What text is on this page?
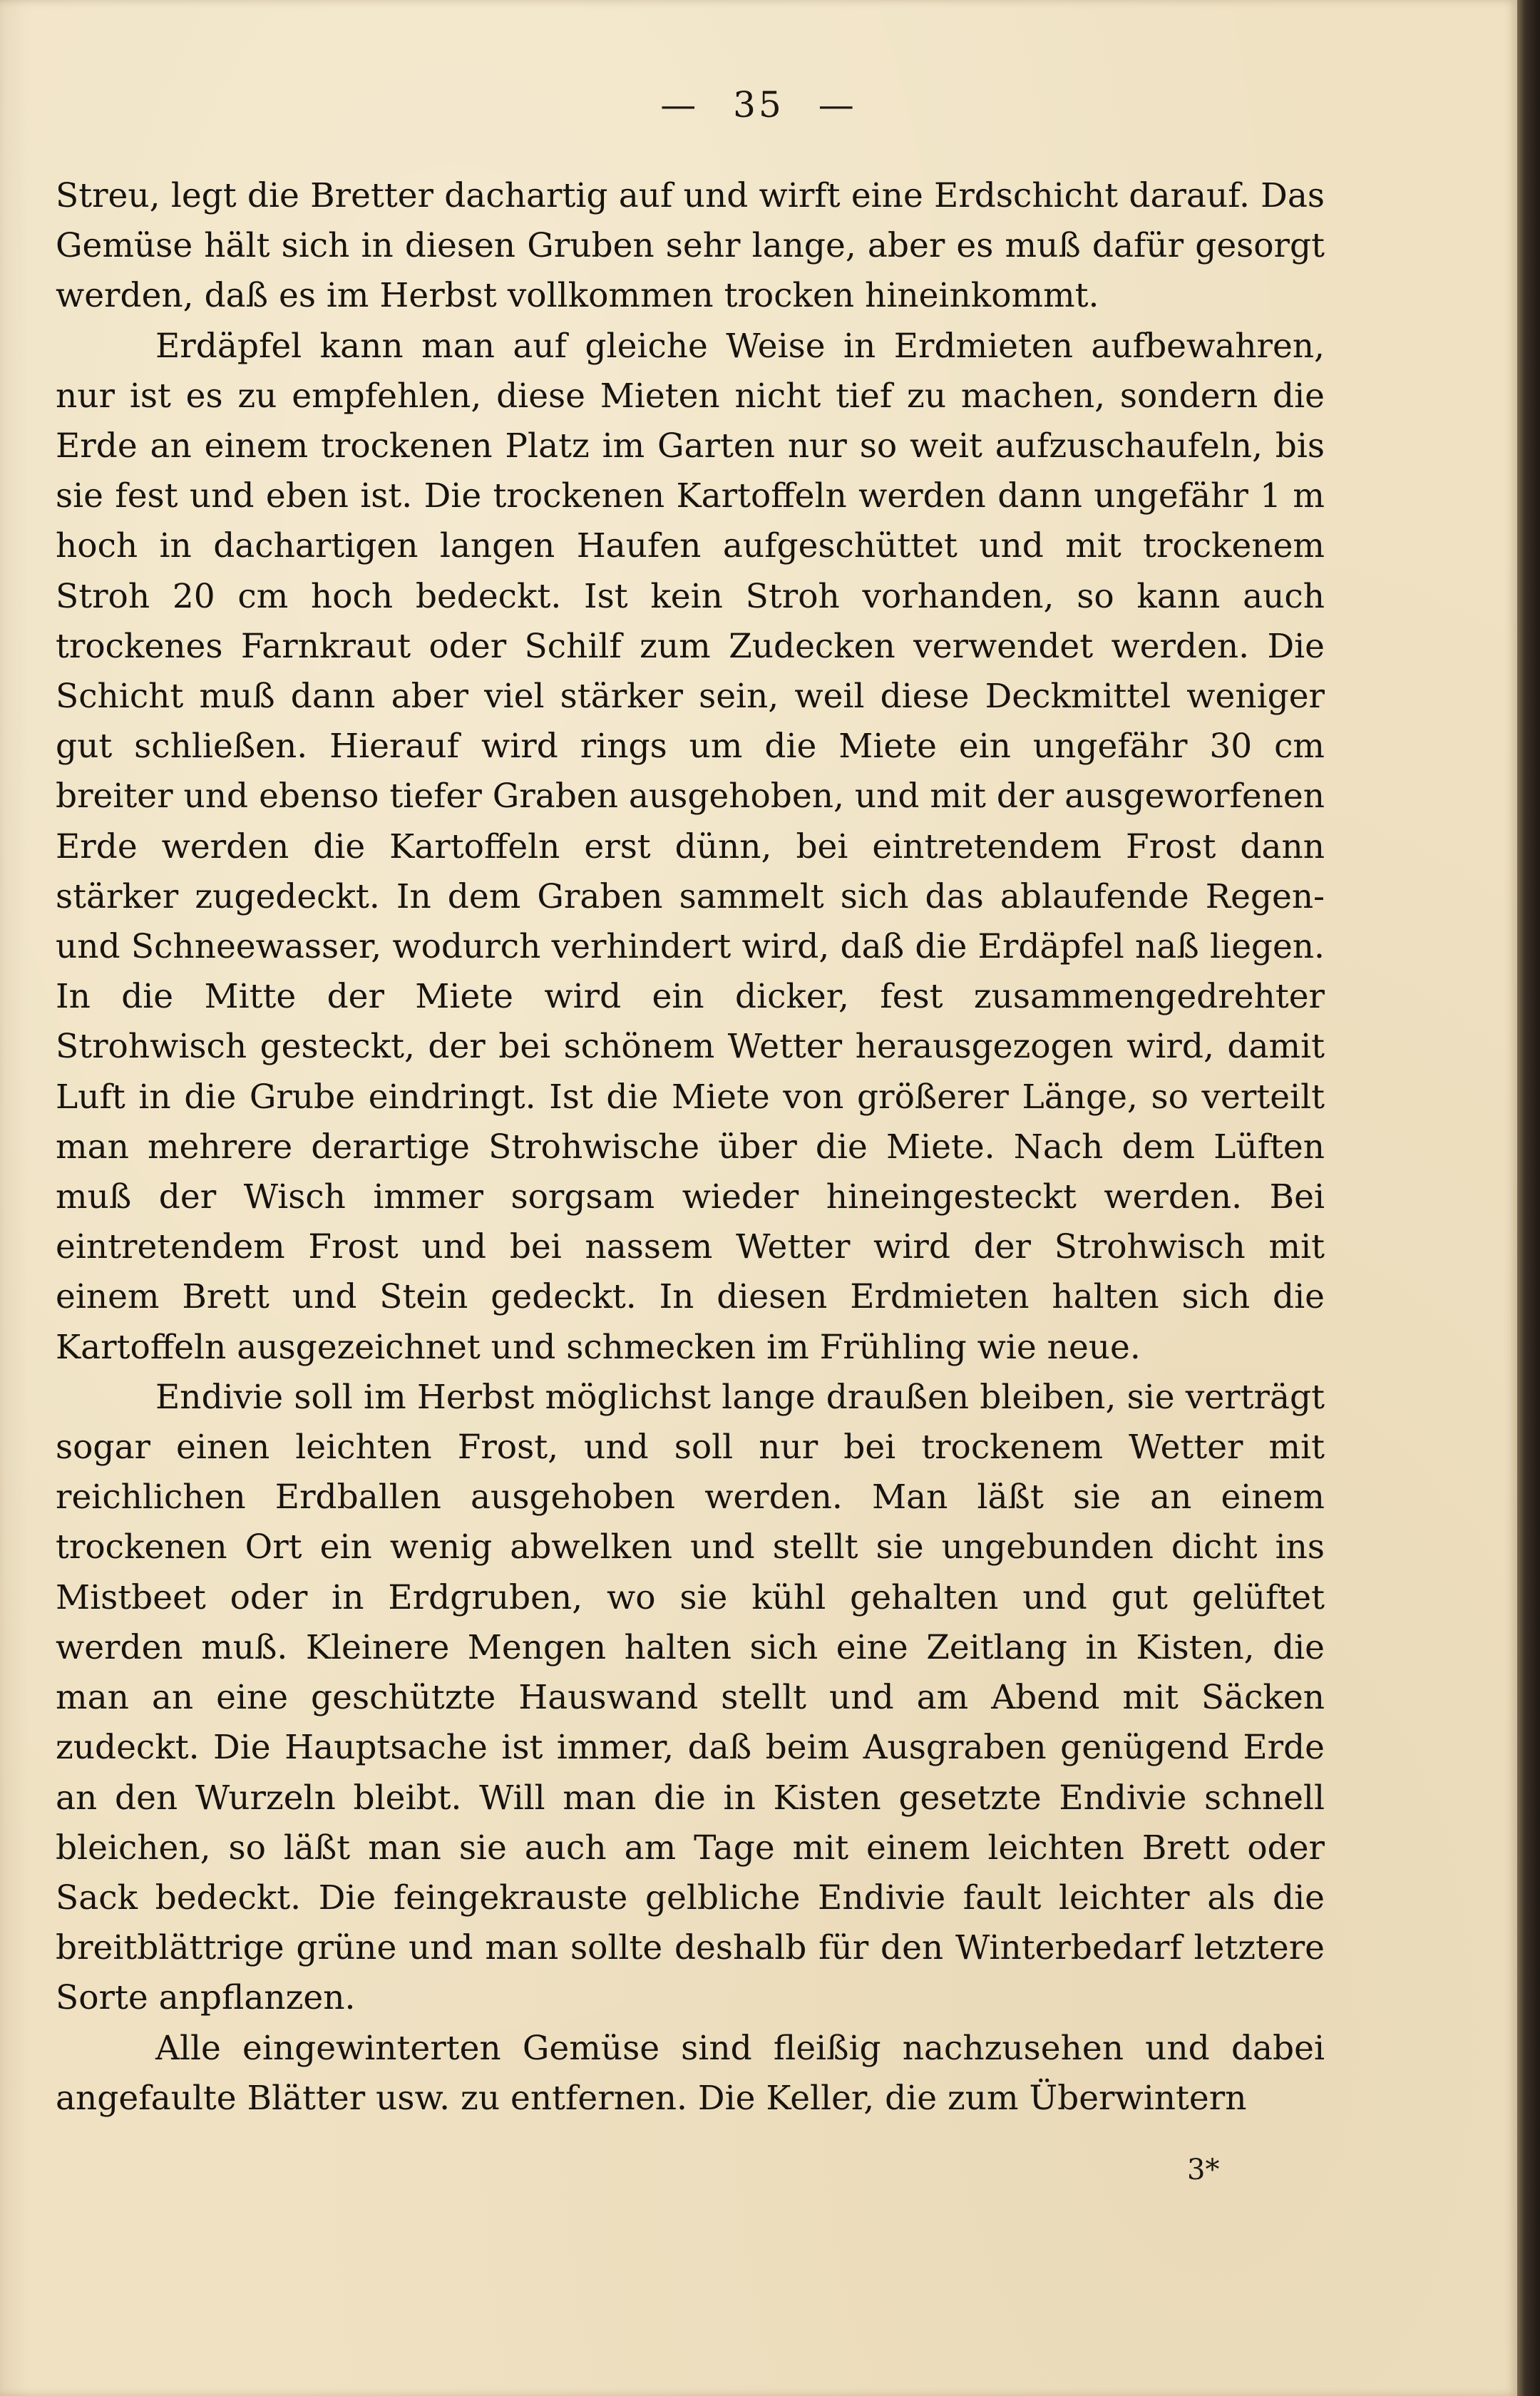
— 35 —

Streu, legt die Bretter dachartig auf und wirft eine Erdschicht darauf. Das Gemüse hält sich in diesen Gruben sehr lange, aber es muß dafür gesorgt werden, daß es im Herbst vollkommen trocken hineinkommt.

Erdäpfel kann man auf gleiche Weise in Erdmieten aufbewahren, nur ist es zu empfehlen, diese Mieten nicht tief zu machen, sondern die Erde an einem trockenen Platz im Garten nur so weit aufzuschaufeln, bis sie fest und eben ist. Die trockenen Kartoffeln werden dann ungefähr 1 m hoch in dachartigen langen Haufen aufgeschüttet und mit trockenem Stroh 20 cm hoch bedeckt. Ist kein Stroh vorhanden, so kann auch trockenes Farnkraut oder Schilf zum Zudecken verwendet werden. Die Schicht muß dann aber viel stärker sein, weil diese Deckmittel weniger gut schließen. Hierauf wird rings um die Miete ein ungefähr 30 cm breiter und ebenso tiefer Graben ausgehoben, und mit der ausgeworfenen Erde werden die Kartoffeln erst dünn, bei eintretendem Frost dann stärker zugedeckt. In dem Graben sammelt sich das ablaufende Regen- und Schneewasser, wodurch verhindert wird, daß die Erdäpfel naß liegen. In die Mitte der Miete wird ein dicker, fest zusammengedrehter Strohwisch gesteckt, der bei schönem Wetter herausgezogen wird, damit Luft in die Grube eindringt. Ist die Miete von größerer Länge, so verteilt man mehrere derartige Strohwische über die Miete. Nach dem Lüften muß der Wisch immer sorgsam wieder hineingesteckt werden. Bei eintretendem Frost und bei nassem Wetter wird der Strohwisch mit einem Brett und Stein gedeckt. In diesen Erdmieten halten sich die Kartoffeln ausgezeichnet und schmecken im Frühling wie neue.

Endivie soll im Herbst möglichst lange draußen bleiben, sie verträgt sogar einen leichten Frost, und soll nur bei trockenem Wetter mit reichlichen Erdballen ausgehoben werden. Man läßt sie an einem trockenen Ort ein wenig abwelken und stellt sie ungebunden dicht ins Mistbeet oder in Erdgruben, wo sie kühl gehalten und gut gelüftet werden muß. Kleinere Mengen halten sich eine Zeitlang in Kisten, die man an eine geschützte Hauswand stellt und am Abend mit Säcken zudeckt. Die Hauptsache ist immer, daß beim Ausgraben genügend Erde an den Wurzeln bleibt. Will man die in Kisten gesetzte Endivie schnell bleichen, so läßt man sie auch am Tage mit einem leichten Brett oder Sack bedeckt. Die feingekrauste gelbliche Endivie fault leichter als die breitblättrige grüne und man sollte deshalb für den Winterbedarf letztere Sorte anpflanzen.

Alle eingewinterten Gemüse sind fleißig nachzusehen und dabei angefaulte Blätter usw. zu entfernen. Die Keller, die zum Überwintern

3*
